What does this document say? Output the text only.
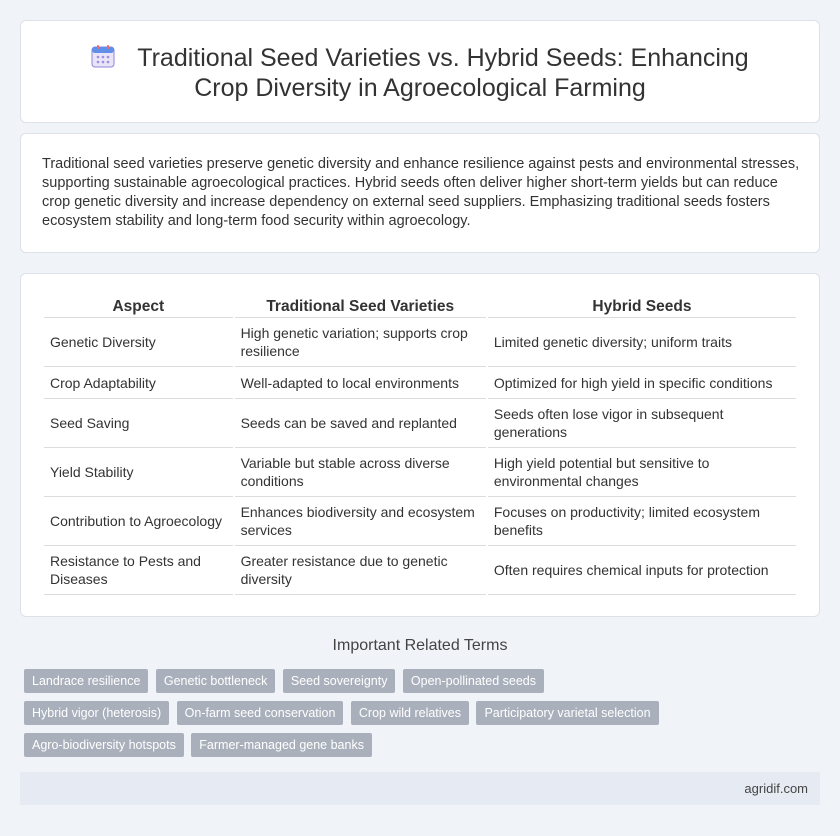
Traditional Seed Varieties vs. Hybrid Seeds: Enhancing Crop Diversity in Agroecological Farming

Traditional seed varieties preserve genetic diversity and enhance resilience against pests and environmental stresses, supporting sustainable agroecological practices. Hybrid seeds often deliver higher short-term yields but can reduce crop genetic diversity and increase dependency on external seed suppliers. Emphasizing traditional seeds fosters ecosystem stability and long-term food security within agroecology.

Aspect	Traditional Seed Varieties	Hybrid Seeds
Genetic Diversity	High genetic variation; supports crop resilience	Limited genetic diversity; uniform traits
Crop Adaptability	Well-adapted to local environments	Optimized for high yield in specific conditions
Seed Saving	Seeds can be saved and replanted	Seeds often lose vigor in subsequent generations
Yield Stability	Variable but stable across diverse conditions	High yield potential but sensitive to environmental changes
Contribution to Agroecology	Enhances biodiversity and ecosystem services	Focuses on productivity; limited ecosystem benefits
Resistance to Pests and Diseases	Greater resistance due to genetic diversity	Often requires chemical inputs for protection
Important Related Terms
Landrace resilience Genetic bottleneck Seed sovereignty Open-pollinated seeds Hybrid vigor (heterosis) On-farm seed conservation Crop wild relatives Participatory varietal selection Agro-biodiversity hotspots Farmer-managed gene banks
agridif.com
